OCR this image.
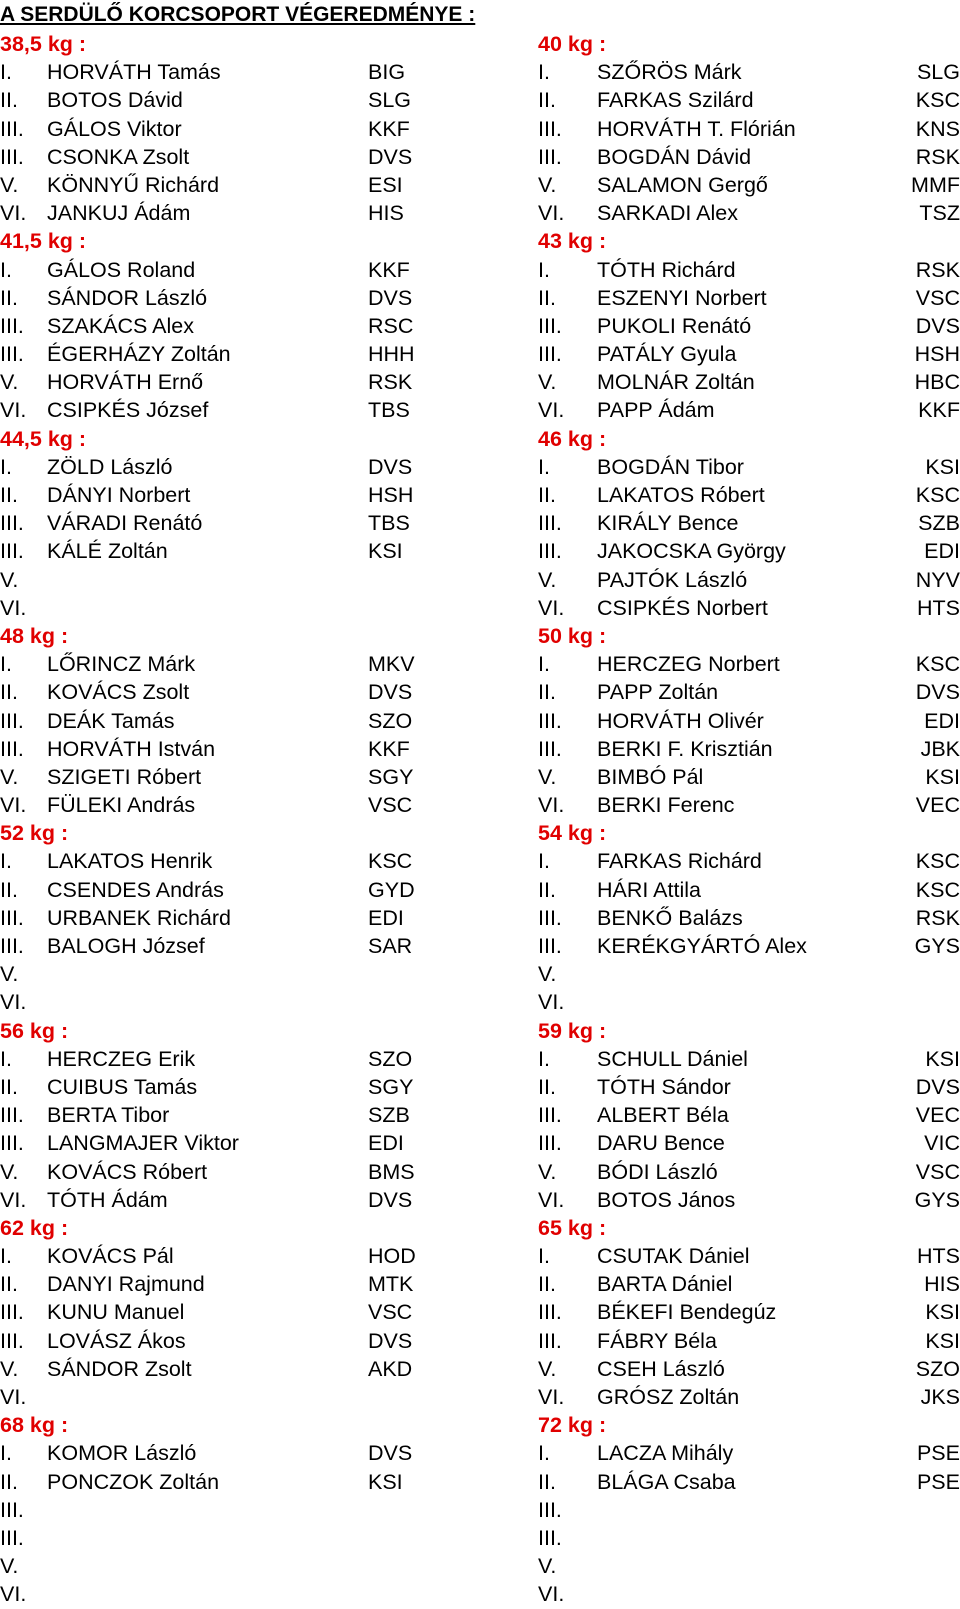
A SERDÜLŐ KORCSOPORT VÉGEREDMÉNYE :
38,5 kg :
I. HORVÁTH Tamás	BIG
II. BOTOS Dávid	SLG
III. GÁLOS Viktor	KKF
III. CSONKA Zsolt	DVS
V. KÖNNYŰ Richárd	ESI
VI. JANKUJ Ádám	HIS
41,5 kg :
I. GÁLOS Roland	KKF
II. SÁNDOR László	DVS
III. SZAKÁCS Alex	RSC
III. ÉGERHÁZY Zoltán	HHH
V. HORVÁTH Ernő	RSK
VI. CSIPKÉS József	TBS
44,5 kg :
I. ZÖLD László	DVS
II. DÁNYI Norbert	HSH
III. VÁRADI Renátó	TBS
III. KÁLÉ Zoltán	KSI
V.
VI.
48 kg :
I. LŐRINCZ Márk	MKV
II. KOVÁCS Zsolt	DVS
III. DEÁK Tamás	SZO
III. HORVÁTH István	KKF
V. SZIGETI Róbert	SGY
VI. FÜLEKI András	VSC
52 kg :
I. LAKATOS Henrik	KSC
II. CSENDES András	GYD
III. URBANEK Richárd	EDI
III. BALOGH József	SAR
V.
VI.
56 kg :
I. HERCZEG Erik	SZO
II. CUIBUS Tamás	SGY
III. BERTA Tibor	SZB
III. LANGMAJER Viktor	EDI
V. KOVÁCS Róbert	BMS
VI. TÓTH Ádám	DVS
62 kg :
I. KOVÁCS Pál	HOD
II. DANYI Rajmund	MTK
III. KUNU Manuel	VSC
III. LOVÁSZ Ákos	DVS
V. SÁNDOR Zsolt	AKD
VI.
68 kg :
I. KOMOR László	DVS
II. PONCZOK Zoltán	KSI
III.
III.
V.
VI.
40 kg :
I. SZŐRÖS Márk	SLG
II. FARKAS Szilárd	KSC
III. HORVÁTH T. Flórián	KNS
III. BOGDÁN Dávid	RSK
V. SALAMON Gergő	MMF
VI. SARKADI Alex	TSZ
43 kg :
I. TÓTH Richárd	RSK
II. ESZENYI Norbert	VSC
III. PUKOLI Renátó	DVS
III. PATÁLY Gyula	HSH
V. MOLNÁR Zoltán	HBC
VI. PAPP Ádám	KKF
46 kg :
I. BOGDÁN Tibor	KSI
II. LAKATOS Róbert	KSC
III. KIRÁLY Bence	SZB
III. JAKOCSKA György	EDI
V. PAJTÓK László	NYV
VI. CSIPKÉS Norbert	HTS
50 kg :
I. HERCZEG Norbert	KSC
II. PAPP Zoltán	DVS
III. HORVÁTH Olivér	EDI
III. BERKI F. Krisztián	JBK
V. BIMBÓ Pál	KSI
VI. BERKI Ferenc	VEC
54 kg :
I. FARKAS Richárd	KSC
II. HÁRI Attila	KSC
III. BENKŐ Balázs	RSK
III. KERÉKGYÁRTÓ Alex	GYS
V.
VI.
59 kg :
I. SCHULL Dániel	KSI
II. TÓTH Sándor	DVS
III. ALBERT Béla	VEC
III. DARU Bence	VIC
V. BÓDI László	VSC
VI. BOTOS János	GYS
65 kg :
I. CSUTAK Dániel	HTS
II. BARTA Dániel	HIS
III. BÉKEFI Bendegúz	KSI
III. FÁBRY Béla	KSI
V. CSEH László	SZO
VI. GRÓSZ Zoltán	JKS
72 kg :
I. LACZA Mihály	PSE
II. BLÁGA Csaba	PSE
III.
III.
V.
VI.
